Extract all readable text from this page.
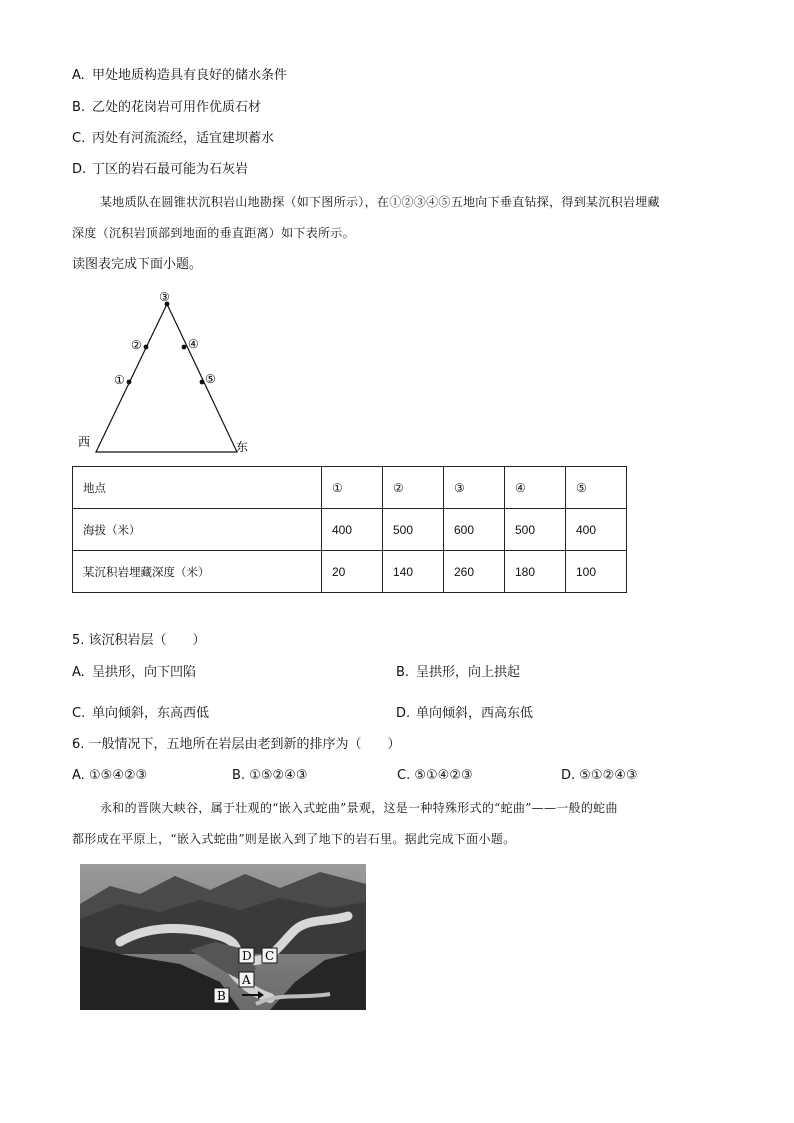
A. 甲处地质构造具有良好的储水条件
B. 乙处的花岗岩可用作优质石材
C. 丙处有河流流经，适宜建坝蓄水
D. 丁区的岩石最可能为石灰岩
某地质队在圆锥状沉积岩山地勘探（如下图所示），在①②③④⑤五地向下垂直钻探，得到某沉积岩埋藏
深度（沉积岩顶部到地面的垂直距离）如下表所示。
读图表完成下面小题。
③
②
①
④
⑤
西	东
地点	①	②	③	④	⑤
海拔（米）	400	500	600	500	400
某沉积岩埋藏深度（米）	20	140	260	180	100
5. 该沉积岩层（　　）
A. 呈拱形，向下凹陷	B. 呈拱形，向上拱起
C. 单向倾斜，东高西低	D. 单向倾斜，西高东低
6. 一般情况下，五地所在岩层由老到新的排序为（　　）
A. ①⑤④②③	B. ①⑤②④③	C. ⑤①④②③	D. ⑤①②④③
永和的晋陕大峡谷，属于壮观的“嵌入式蛇曲”景观，这是一种特殊形式的“蛇曲”——一般的蛇曲
都形成在平原上，“嵌入式蛇曲”则是嵌入到了地下的岩石里。据此完成下面小题。
D C
A
B
